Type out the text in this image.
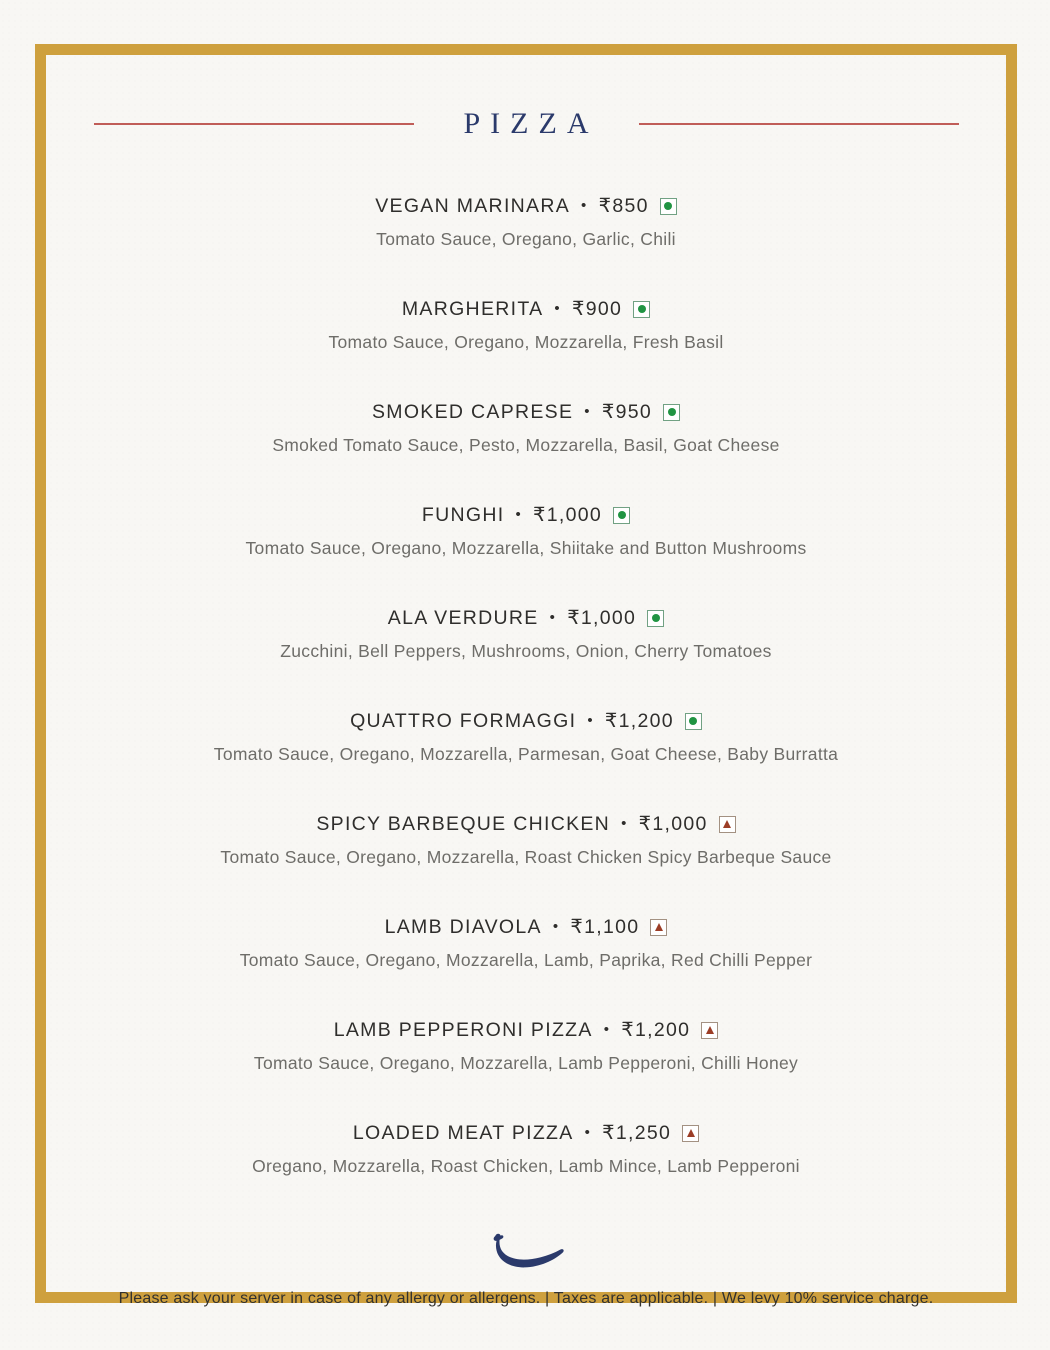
PIZZA
VEGAN MARINARA • ₹850
Tomato Sauce, Oregano, Garlic, Chili
MARGHERITA • ₹900
Tomato Sauce, Oregano, Mozzarella, Fresh Basil
SMOKED CAPRESE • ₹950
Smoked Tomato Sauce, Pesto, Mozzarella, Basil, Goat Cheese
FUNGHI • ₹1,000
Tomato Sauce, Oregano, Mozzarella, Shiitake and Button Mushrooms
ALA VERDURE • ₹1,000
Zucchini, Bell Peppers, Mushrooms, Onion, Cherry Tomatoes
QUATTRO FORMAGGI • ₹1,200
Tomato Sauce, Oregano, Mozzarella, Parmesan, Goat Cheese, Baby Burratta
SPICY BARBEQUE CHICKEN • ₹1,000
Tomato Sauce, Oregano, Mozzarella, Roast Chicken Spicy Barbeque Sauce
LAMB DIAVOLA • ₹1,100
Tomato Sauce, Oregano, Mozzarella, Lamb, Paprika, Red Chilli Pepper
LAMB PEPPERONI PIZZA • ₹1,200
Tomato Sauce, Oregano, Mozzarella, Lamb Pepperoni, Chilli Honey
LOADED MEAT PIZZA • ₹1,250
Oregano, Mozzarella, Roast Chicken, Lamb Mince, Lamb Pepperoni
Please ask your server in case of any allergy or allergens. | Taxes are applicable. | We levy 10% service charge.
